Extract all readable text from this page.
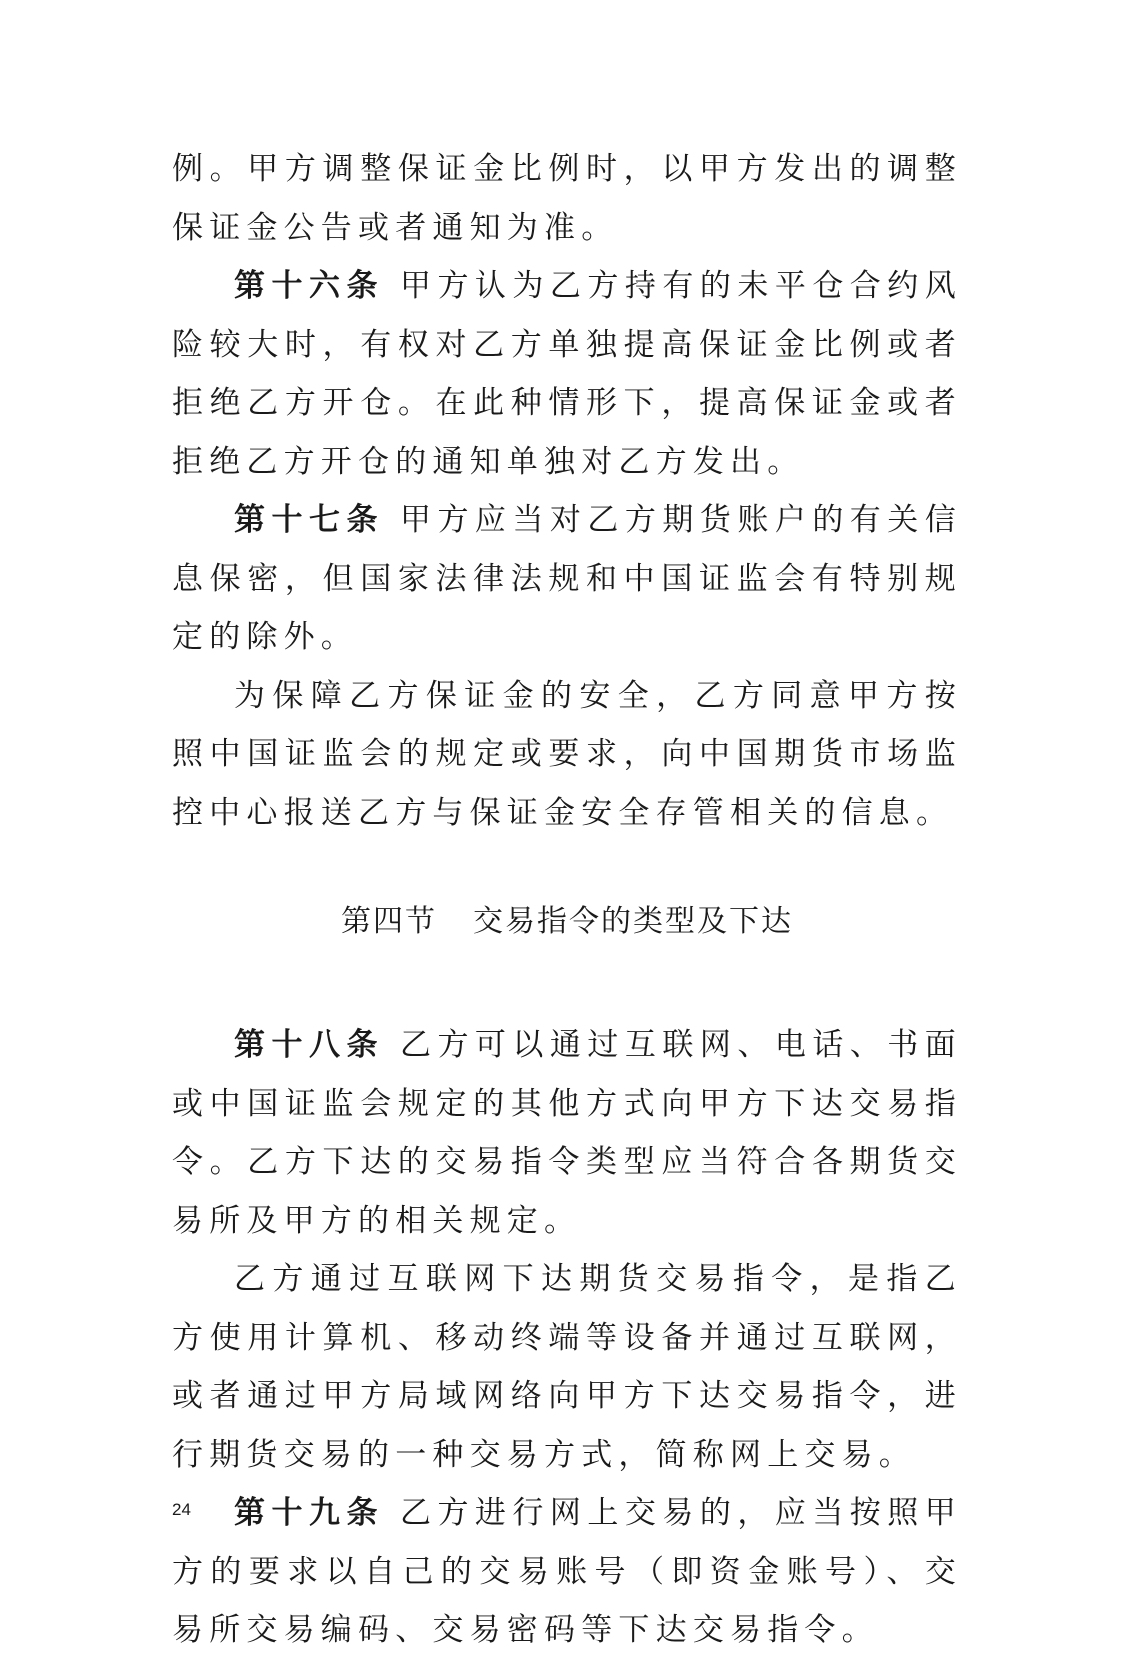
例。甲方调整保证金比例时，以甲方发出的调整保证金公告或者通知为准。

第十六条 甲方认为乙方持有的未平仓合约风险较大时，有权对乙方单独提高保证金比例或者拒绝乙方开仓。在此种情形下，提高保证金或者拒绝乙方开仓的通知单独对乙方发出。

第十七条 甲方应当对乙方期货账户的有关信息保密，但国家法律法规和中国证监会有特别规定的除外。

为保障乙方保证金的安全，乙方同意甲方按照中国证监会的规定或要求，向中国期货市场监控中心报送乙方与保证金安全存管相关的信息。

第四节 交易指令的类型及下达

第十八条 乙方可以通过互联网、电话、书面或中国证监会规定的其他方式向甲方下达交易指令。乙方下达的交易指令类型应当符合各期货交易所及甲方的相关规定。

乙方通过互联网下达期货交易指令，是指乙方使用计算机、移动终端等设备并通过互联网，或者通过甲方局域网络向甲方下达交易指令，进行期货交易的一种交易方式，简称网上交易。

第十九条 乙方进行网上交易的，应当按照甲方的要求以自己的交易账号（即资金账号）、交易所交易编码、交易密码等下达交易指令。

24
